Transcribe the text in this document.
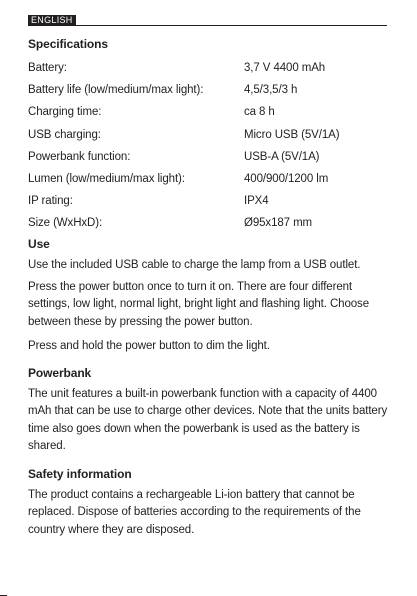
ENGLISH
Specifications
Battery:	3,7 V 4400 mAh
Battery life (low/medium/max light):	4,5/3,5/3 h
Charging time:	ca 8 h
USB charging:	Micro USB (5V/1A)
Powerbank function:	USB-A (5V/1A)
Lumen (low/medium/max light):	400/900/1200 lm
IP rating:	IPX4
Size (WxHxD):	Ø95x187 mm
Use

Use the included USB cable to charge the lamp from a USB outlet.

Press the power button once to turn it on. There are four different settings, low light, normal light, bright light and flashing light. Choose between these by pressing the power button.

Press and hold the power button to dim the light.

Powerbank

The unit features a built-in powerbank function with a capacity of 4400 mAh that can be use to charge other devices. Note that the units battery time also goes down when the powerbank is used as the battery is shared.

Safety information

The product contains a rechargeable Li-ion battery that cannot be replaced. Dispose of batteries according to the requirements of the country where they are disposed.
